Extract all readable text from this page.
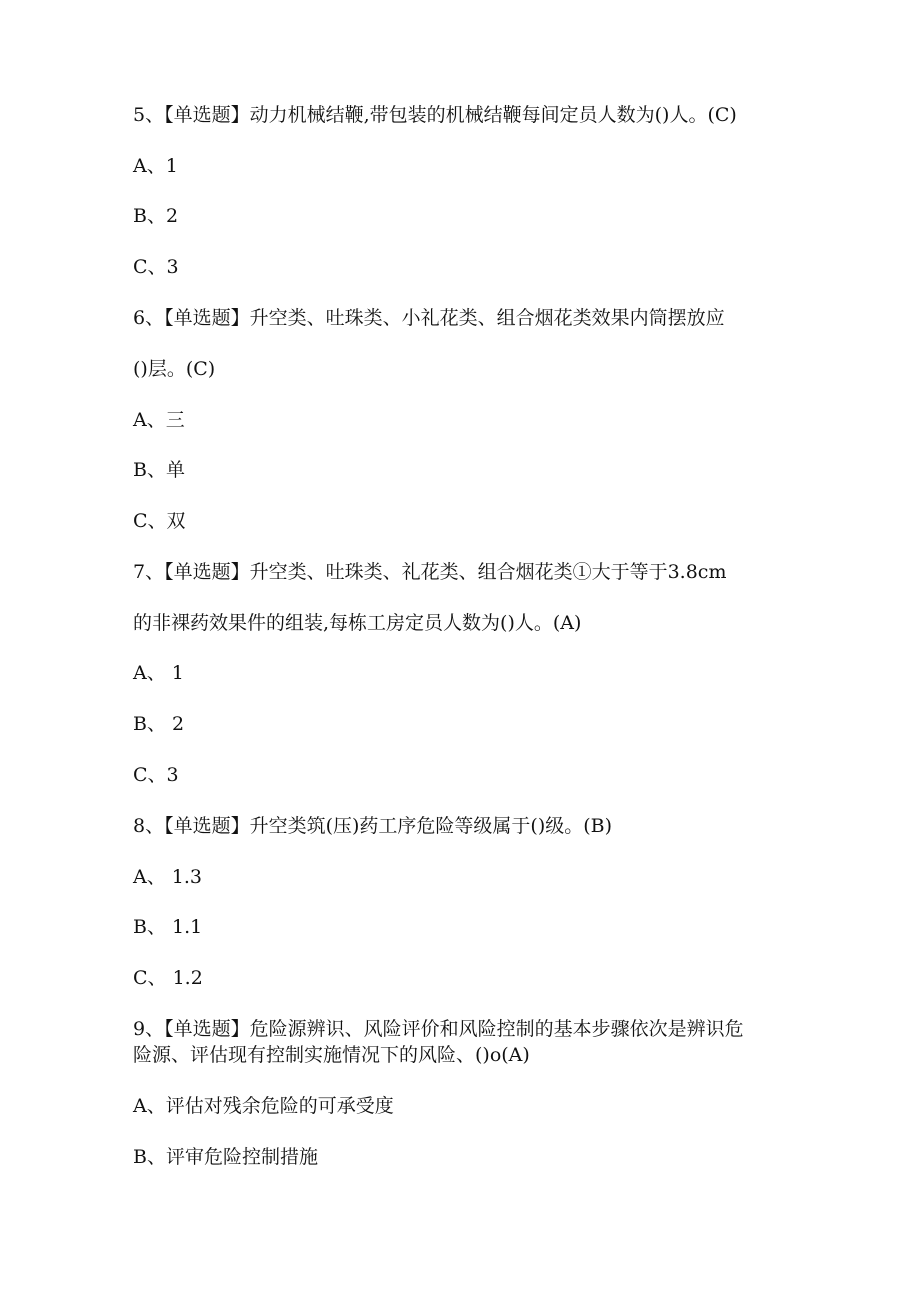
5、【单选题】动力机械结鞭,带包装的机械结鞭每间定员人数为()人。(C)
A、1
B、2
C、3
6、【单选题】升空类、吐珠类、小礼花类、组合烟花类效果内筒摆放应
()层。(C)
A、三
B、单
C、双
7、【单选题】升空类、吐珠类、礼花类、组合烟花类①大于等于3.8cm
的非裸药效果件的组装,每栋工房定员人数为()人。(A)
A、 1
B、 2
C、3
8、【单选题】升空类筑(压)药工序危险等级属于()级。(B)
A、 1.3
B、 1.1
C、 1.2
9、【单选题】危险源辨识、风险评价和风险控制的基本步骤依次是辨识危
险源、评估现有控制实施情况下的风险、()o(A)
A、评估对残余危险的可承受度
B、评审危险控制措施
